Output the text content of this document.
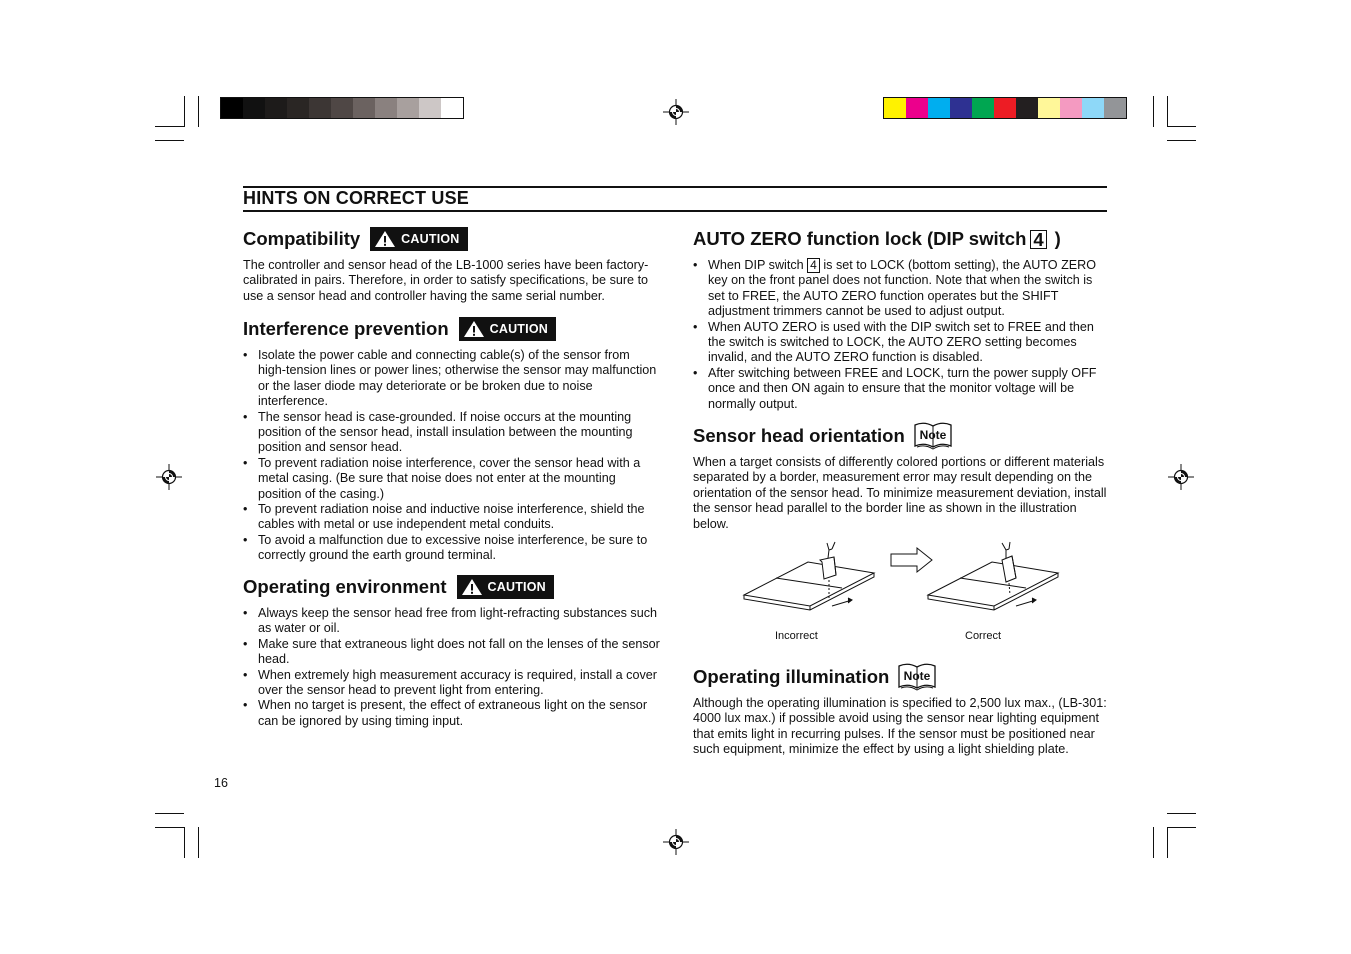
HINTS ON CORRECT USE
Compatibility	CAUTION

The controller and sensor head of the LB-1000 series have been factory-calibrated in pairs. Therefore, in order to satisfy specifications, be sure to use a sensor head and controller having the same serial number.

Interference prevention	CAUTION
• Isolate the power cable and connecting cable(s) of the sensor from high-tension lines or power lines; otherwise the sensor may malfunction or the laser diode may deteriorate or be broken due to noise interference.
• The sensor head is case-grounded. If noise occurs at the mounting position of the sensor head, install insulation between the mounting position and sensor head.
• To prevent radiation noise interference, cover the sensor head with a metal casing. (Be sure that noise does not enter at the mounting position of the casing.)
• To prevent radiation noise and inductive noise interference, shield the cables with metal or use independent metal conduits.
• To avoid a malfunction due to excessive noise interference, be sure to correctly ground the earth ground terminal.
Operating environment	CAUTION
• Always keep the sensor head free from light-refracting substances such as water or oil.
• Make sure that extraneous light does not fall on the lenses of the sensor head.
• When extremely high measurement accuracy is required, install a cover over the sensor head to prevent light from entering.
• When no target is present, the effect of extraneous light on the sensor can be ignored by using timing input.
16
AUTO ZERO function lock (DIP switch 4 )
• When DIP switch 4 is set to LOCK (bottom setting), the AUTO ZERO key on the front panel does not function. Note that when the switch is set to FREE, the AUTO ZERO function operates but the SHIFT adjustment trimmers cannot be used to adjust output.
• When AUTO ZERO is used with the DIP switch set to FREE and then the switch is switched to LOCK, the AUTO ZERO setting becomes invalid, and the AUTO ZERO function is disabled.
• After switching between FREE and LOCK, turn the power supply OFF once and then ON again to ensure that the monitor voltage will be normally output.
Sensor head orientation Note

When a target consists of differently colored portions or different materials separated by a border, measurement error may result depending on the orientation of the sensor head. To minimize measurement deviation, install the sensor head parallel to the border line as shown in the illustration below.

Incorrect	Correct
Operating illumination Note

Although the operating illumination is specified to 2,500 lux max., (LB-301: 4000 lux max.) if possible avoid using the sensor near lighting equipment that emits light in recurring pulses. If the sensor must be positioned near such equipment, minimize the effect by using a light shielding plate.
